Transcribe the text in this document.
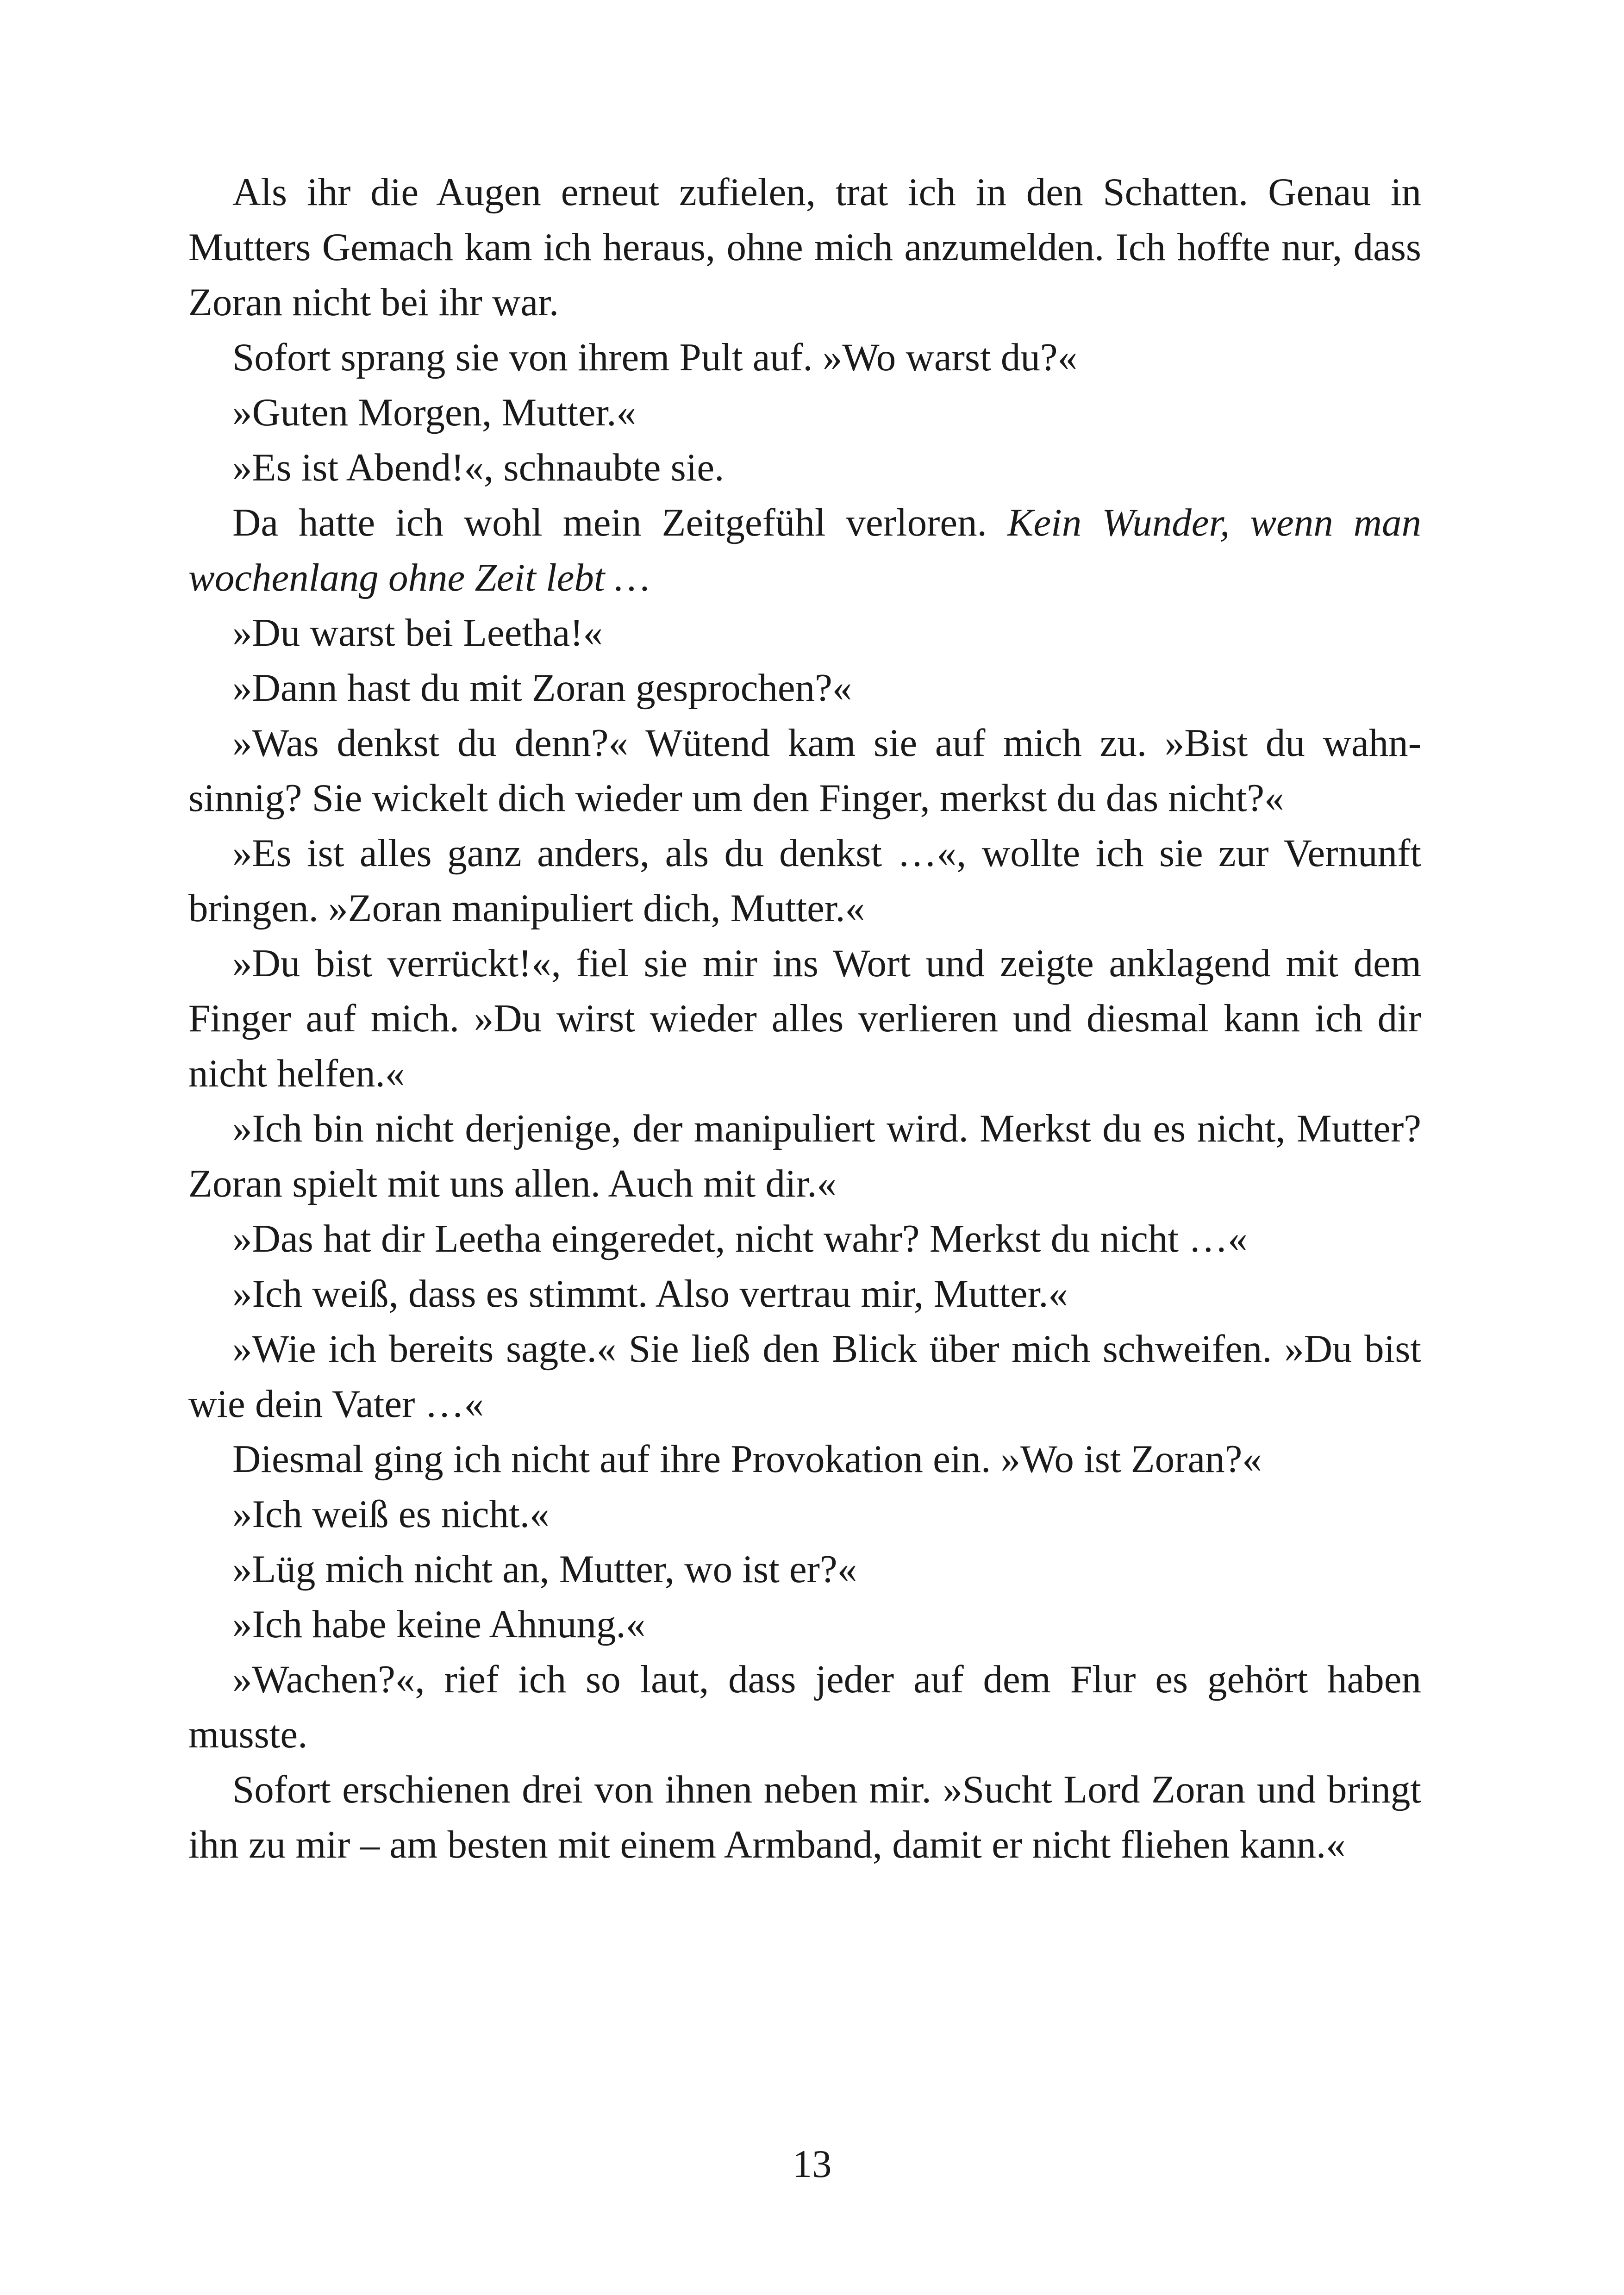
Als ihr die Augen erneut zufielen, trat ich in den Schatten. Genau in Mutters Gemach kam ich heraus, ohne mich anzumelden. Ich hoffte nur, dass Zoran nicht bei ihr war.

Sofort sprang sie von ihrem Pult auf. »Wo warst du?«

»Guten Morgen, Mutter.«

»Es ist Abend!«, schnaubte sie.

Da hatte ich wohl mein Zeitgefühl verloren. Kein Wunder, wenn man wochenlang ohne Zeit lebt …

»Du warst bei Leetha!«

»Dann hast du mit Zoran gesprochen?«

»Was denkst du denn?« Wütend kam sie auf mich zu. »Bist du wahnsinnig? Sie wickelt dich wieder um den Finger, merkst du das nicht?«

»Es ist alles ganz anders, als du denkst …«, wollte ich sie zur Vernunft bringen. »Zoran manipuliert dich, Mutter.«

»Du bist verrückt!«, fiel sie mir ins Wort und zeigte anklagend mit dem Finger auf mich. »Du wirst wieder alles verlieren und diesmal kann ich dir nicht helfen.«

»Ich bin nicht derjenige, der manipuliert wird. Merkst du es nicht, Mutter? Zoran spielt mit uns allen. Auch mit dir.«

»Das hat dir Leetha eingeredet, nicht wahr? Merkst du nicht …«

»Ich weiß, dass es stimmt. Also vertrau mir, Mutter.«

»Wie ich bereits sagte.« Sie ließ den Blick über mich schweifen. »Du bist wie dein Vater …«

Diesmal ging ich nicht auf ihre Provokation ein. »Wo ist Zoran?«

»Ich weiß es nicht.«

»Lüg mich nicht an, Mutter, wo ist er?«

»Ich habe keine Ahnung.«

»Wachen?«, rief ich so laut, dass jeder auf dem Flur es gehört haben musste.

Sofort erschienen drei von ihnen neben mir. »Sucht Lord Zoran und bringt ihn zu mir – am besten mit einem Armband, damit er nicht fliehen kann.«

13
